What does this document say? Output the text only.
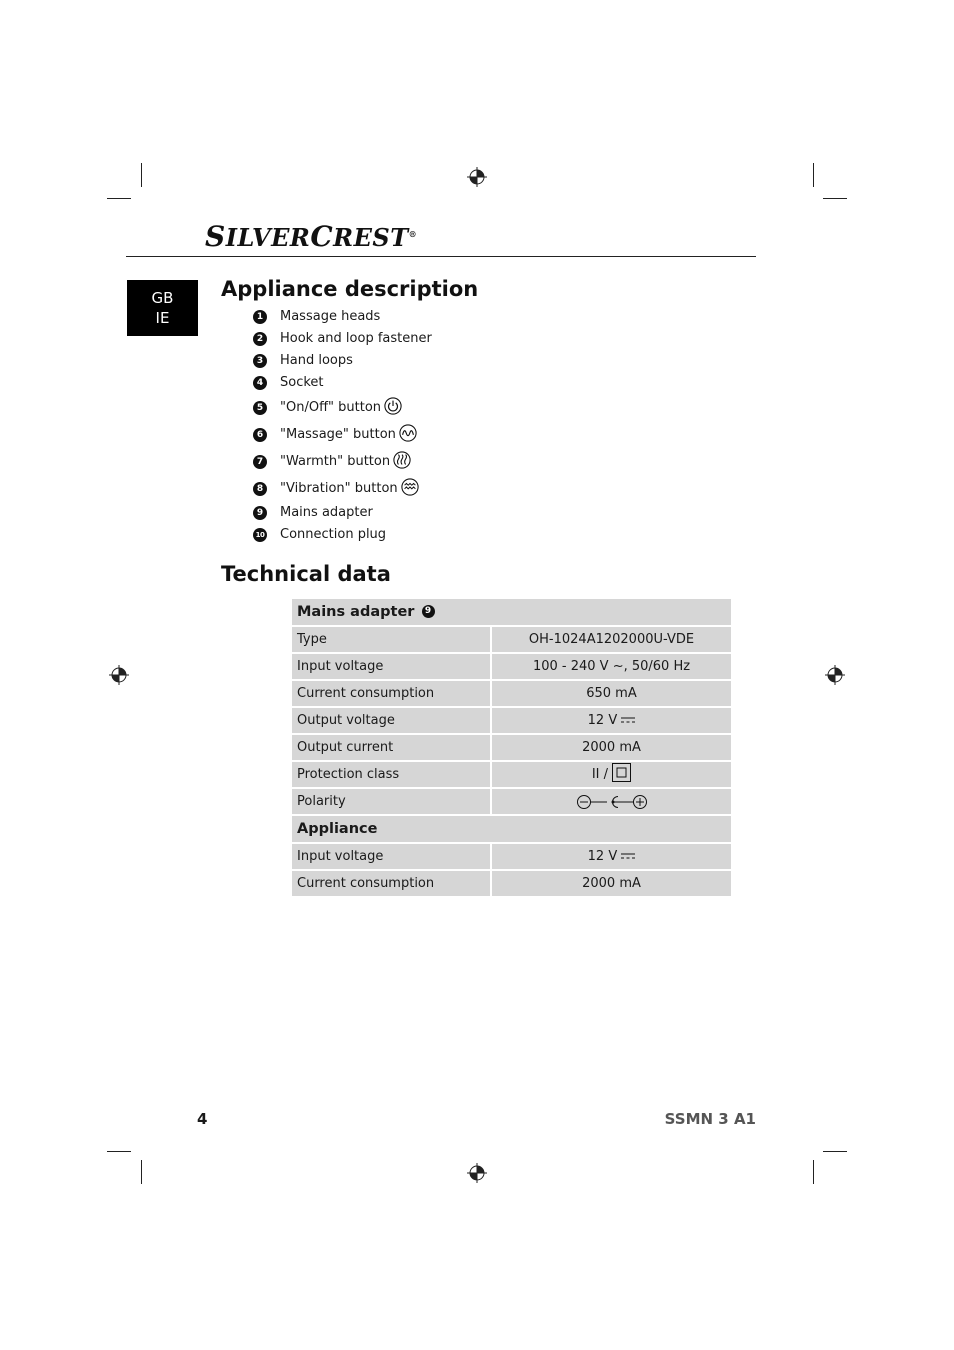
SILVERCREST®
GB
IE
Appliance description
1 Massage heads
2 Hook and loop fastener
3 Hand loops
4 Socket
5 "On/Off" button
6 "Massage" button
7 "Warmth" button
8 "Vibration" button
9 Mains adapter
10 Connection plug
Technical data
Mains adapter 9	
Type	OH-1024A1202000U-VDE
Input voltage	100 - 240 V ~, 50/60 Hz
Current consumption	650 mA
Output voltage	12 V
Output current	2000 mA
Protection class	II /
Polarity	
Appliance	
Input voltage	12 V
Current consumption	2000 mA
4	SSMN 3 A1
